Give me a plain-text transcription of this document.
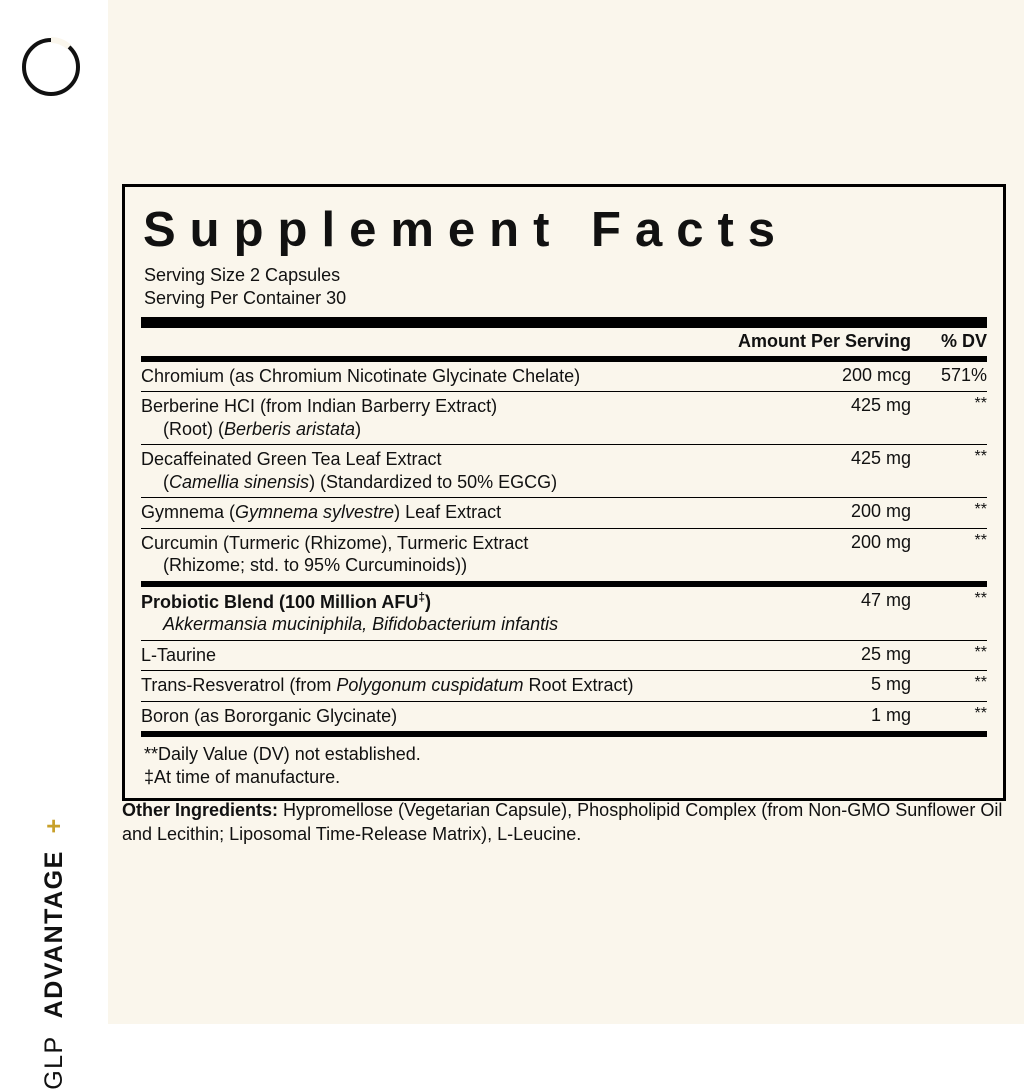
GLP  ADVANTAGE  +
Supplement Facts
Serving Size 2 Capsules
Serving Per Container 30
	Amount Per Serving	% DV
Chromium (as Chromium Nicotinate Glycinate Chelate)	200 mcg	571%
Berberine HCI (from Indian Barberry Extract)
(Root) (Berberis aristata)	425 mg	**
Decaffeinated Green Tea Leaf Extract
(Camellia sinensis) (Standardized to 50% EGCG)	425 mg	**
Gymnema (Gymnema sylvestre) Leaf Extract	200 mg	**
Curcumin (Turmeric (Rhizome), Turmeric Extract
(Rhizome; std. to 95% Curcuminoids))	200 mg	**
Probiotic Blend (100 Million AFU‡)
Akkermansia muciniphila, Bifidobacterium infantis	47 mg	**
L-Taurine	25 mg	**
Trans-Resveratrol (from Polygonum cuspidatum Root Extract)	5 mg	**
Boron (as Bororganic Glycinate)	1 mg	**
**Daily Value (DV) not established.
‡At time of manufacture.
Other Ingredients: Hypromellose (Vegetarian Capsule), Phospholipid Complex (from Non-GMO Sunflower Oil and Lecithin; Liposomal Time-Release Matrix), L-Leucine.
